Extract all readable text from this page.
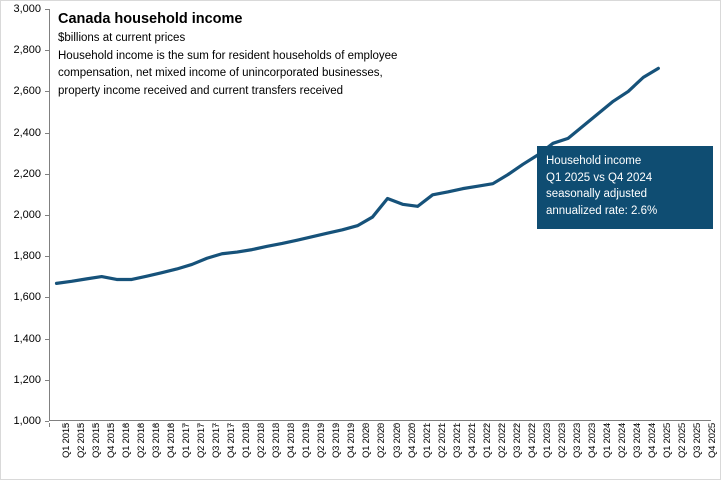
1,000
1,200
1,400
1,600
1,800
2,000
2,200
2,400
2,600
2,800
3,000
Q1 2015 Q2 2015 Q3 2015 Q4 2015 Q1 2016 Q2 2016 Q3 2016 Q4 2016 Q1 2017 Q2 2017 Q3 2017 Q4 2017 Q1 2018 Q2 2018 Q3 2018 Q4 2018 Q1 2019 Q2 2019 Q3 2019 Q4 2019 Q1 2020 Q2 2020 Q3 2020 Q4 2020 Q1 2021 Q2 2021 Q3 2021 Q4 2021 Q1 2022 Q2 2022 Q3 2022 Q4 2022 Q1 2023 Q2 2023 Q3 2023 Q4 2023 Q1 2024 Q2 2024 Q3 2024 Q4 2024 Q1 2025 Q2 2025 Q3 2025 Q4 2025
Canada household income
$billions at current prices
Household income is the sum for resident households of employee compensation, net mixed income of unincorporated businesses, property income received and current transfers received
Household income
Q1 2025 vs Q4 2024
seasonally adjusted
annualized rate: 2.6%
